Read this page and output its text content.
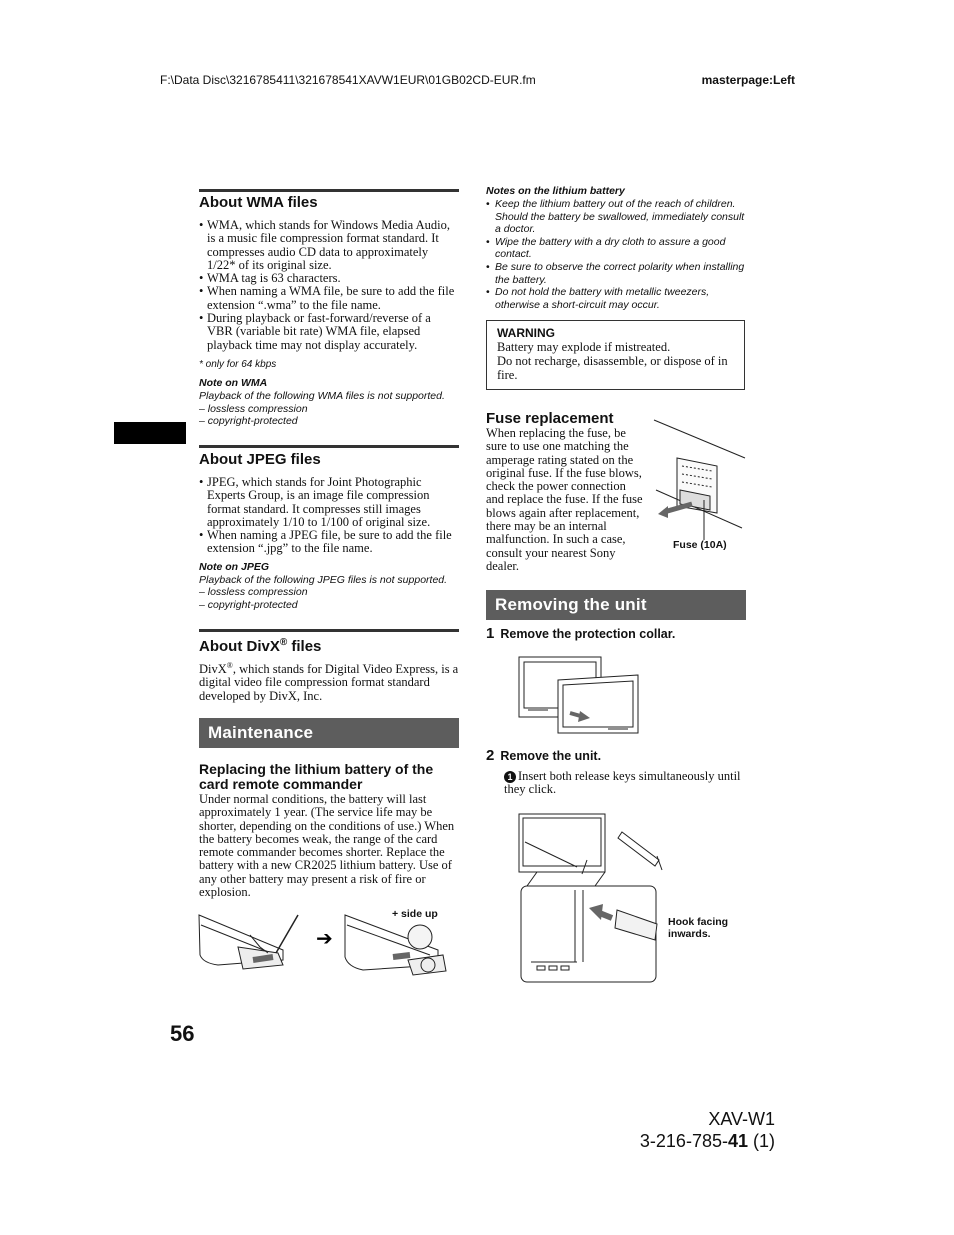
F:\Data Disc\3216785411\321678541XAVW1EUR\01GB02CD-EUR.fm	masterpage:Left
About WMA files
• WMA, which stands for Windows Media Audio, is a music file compression format standard. It compresses audio CD data to approximately 1/22* of its original size.
• WMA tag is 63 characters.
• When naming a WMA file, be sure to add the file extension “.wma” to the file name.
• During playback or fast-forward/reverse of a VBR (variable bit rate) WMA file, elapsed playback time may not display accurately.
* only for 64 kbps
Note on WMA
Playback of the following WMA files is not supported.
– lossless compression
– copyright-protected
About JPEG files
• JPEG, which stands for Joint Photographic Experts Group, is an image file compression format standard. It compresses still images approximately 1/10 to 1/100 of original size.
• When naming a JPEG file, be sure to add the file extension “.jpg” to the file name.
Note on JPEG
Playback of the following JPEG files is not supported.
– lossless compression
– copyright-protected
About DivX® files
DivX®, which stands for Digital Video Express, is a digital video file compression format standard developed by DivX, Inc.
Maintenance
Replacing the lithium battery of the card remote commander
Under normal conditions, the battery will last approximately 1 year. (The service life may be shorter, depending on the conditions of use.) When the battery becomes weak, the range of the card remote commander becomes shorter. Replace the battery with a new CR2025 lithium battery. Use of any other battery may present a risk of fire or explosion.
➔
+ side up
56
Notes on the lithium battery
• Keep the lithium battery out of the reach of children. Should the battery be swallowed, immediately consult a doctor.
• Wipe the battery with a dry cloth to assure a good contact.
• Be sure to observe the correct polarity when installing the battery.
• Do not hold the battery with metallic tweezers, otherwise a short-circuit may occur.
WARNING
Battery may explode if mistreated.
Do not recharge, disassemble, or dispose of in fire.
Fuse replacement
When replacing the fuse, be sure to use one matching the amperage rating stated on the original fuse. If the fuse blows, check the power connection and replace the fuse. If the fuse blows again after replacement, there may be an internal malfunction. In such a case, consult your nearest Sony dealer.
Fuse (10A)
Removing the unit
1 Remove the protection collar.
2 Remove the unit.
1 Insert both release keys simultaneously until they click.
Hook facing inwards.
XAV-W1
3-216-785-41 (1)
